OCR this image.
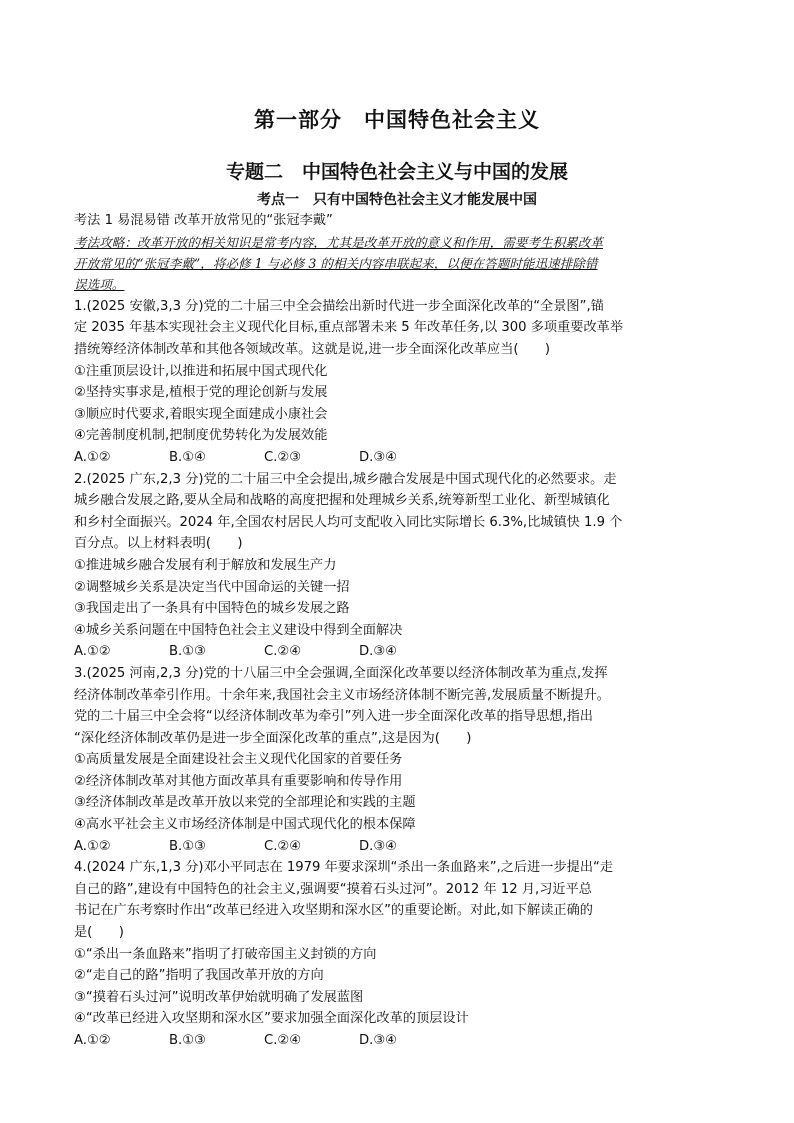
第一部分　中国特色社会主义
专题二　中国特色社会主义与中国的发展
考点一　只有中国特色社会主义才能发展中国
考法 1 易混易错 改革开放常见的“张冠李戴”
考法攻略：改革开放的相关知识是常考内容，尤其是改革开放的意义和作用，需要考生积累改革
开放常见的“张冠李戴”，将必修 1 与必修 3 的相关内容串联起来，以便在答题时能迅速排除错
误选项。
1.(2025 安徽,3,3 分)党的二十届三中全会描绘出新时代进一步全面深化改革的“全景图”,锚
定 2035 年基本实现社会主义现代化目标,重点部署未来 5 年改革任务,以 300 多项重要改革举
措统筹经济体制改革和其他各领域改革。这就是说,进一步全面深化改革应当(　　)
①注重顶层设计,以推进和拓展中国式现代化
②坚持实事求是,植根于党的理论创新与发展
③顺应时代要求,着眼实现全面建成小康社会
④完善制度机制,把制度优势转化为发展效能
A.①②	B.①④	C.②③	D.③④
2.(2025 广东,2,3 分)党的二十届三中全会提出,城乡融合发展是中国式现代化的必然要求。走
城乡融合发展之路,要从全局和战略的高度把握和处理城乡关系,统筹新型工业化、新型城镇化
和乡村全面振兴。2024 年,全国农村居民人均可支配收入同比实际增长 6.3%,比城镇快 1.9 个
百分点。以上材料表明(　　)
①推进城乡融合发展有利于解放和发展生产力
②调整城乡关系是决定当代中国命运的关键一招
③我国走出了一条具有中国特色的城乡发展之路
④城乡关系问题在中国特色社会主义建设中得到全面解决
A.①②	B.①③	C.②④	D.③④
3.(2025 河南,2,3 分)党的十八届三中全会强调,全面深化改革要以经济体制改革为重点,发挥
经济体制改革牵引作用。十余年来,我国社会主义市场经济体制不断完善,发展质量不断提升。
党的二十届三中全会将“以经济体制改革为牵引”列入进一步全面深化改革的指导思想,指出
“深化经济体制改革仍是进一步全面深化改革的重点”,这是因为(　　)
①高质量发展是全面建设社会主义现代化国家的首要任务
②经济体制改革对其他方面改革具有重要影响和传导作用
③经济体制改革是改革开放以来党的全部理论和实践的主题
④高水平社会主义市场经济体制是中国式现代化的根本保障
A.①②	B.①③	C.②④	D.③④
4.(2024 广东,1,3 分)邓小平同志在 1979 年要求深圳“杀出一条血路来”,之后进一步提出“走
自己的路”,建设有中国特色的社会主义,强调要“摸着石头过河”。2012 年 12 月,习近平总
书记在广东考察时作出“改革已经进入攻坚期和深水区”的重要论断。对此,如下解读正确的
是(　　)
①“杀出一条血路来”指明了打破帝国主义封锁的方向
②“走自己的路”指明了我国改革开放的方向
③“摸着石头过河”说明改革伊始就明确了发展蓝图
④“改革已经进入攻坚期和深水区”要求加强全面深化改革的顶层设计
A.①②	B.①③	C.②④	D.③④
